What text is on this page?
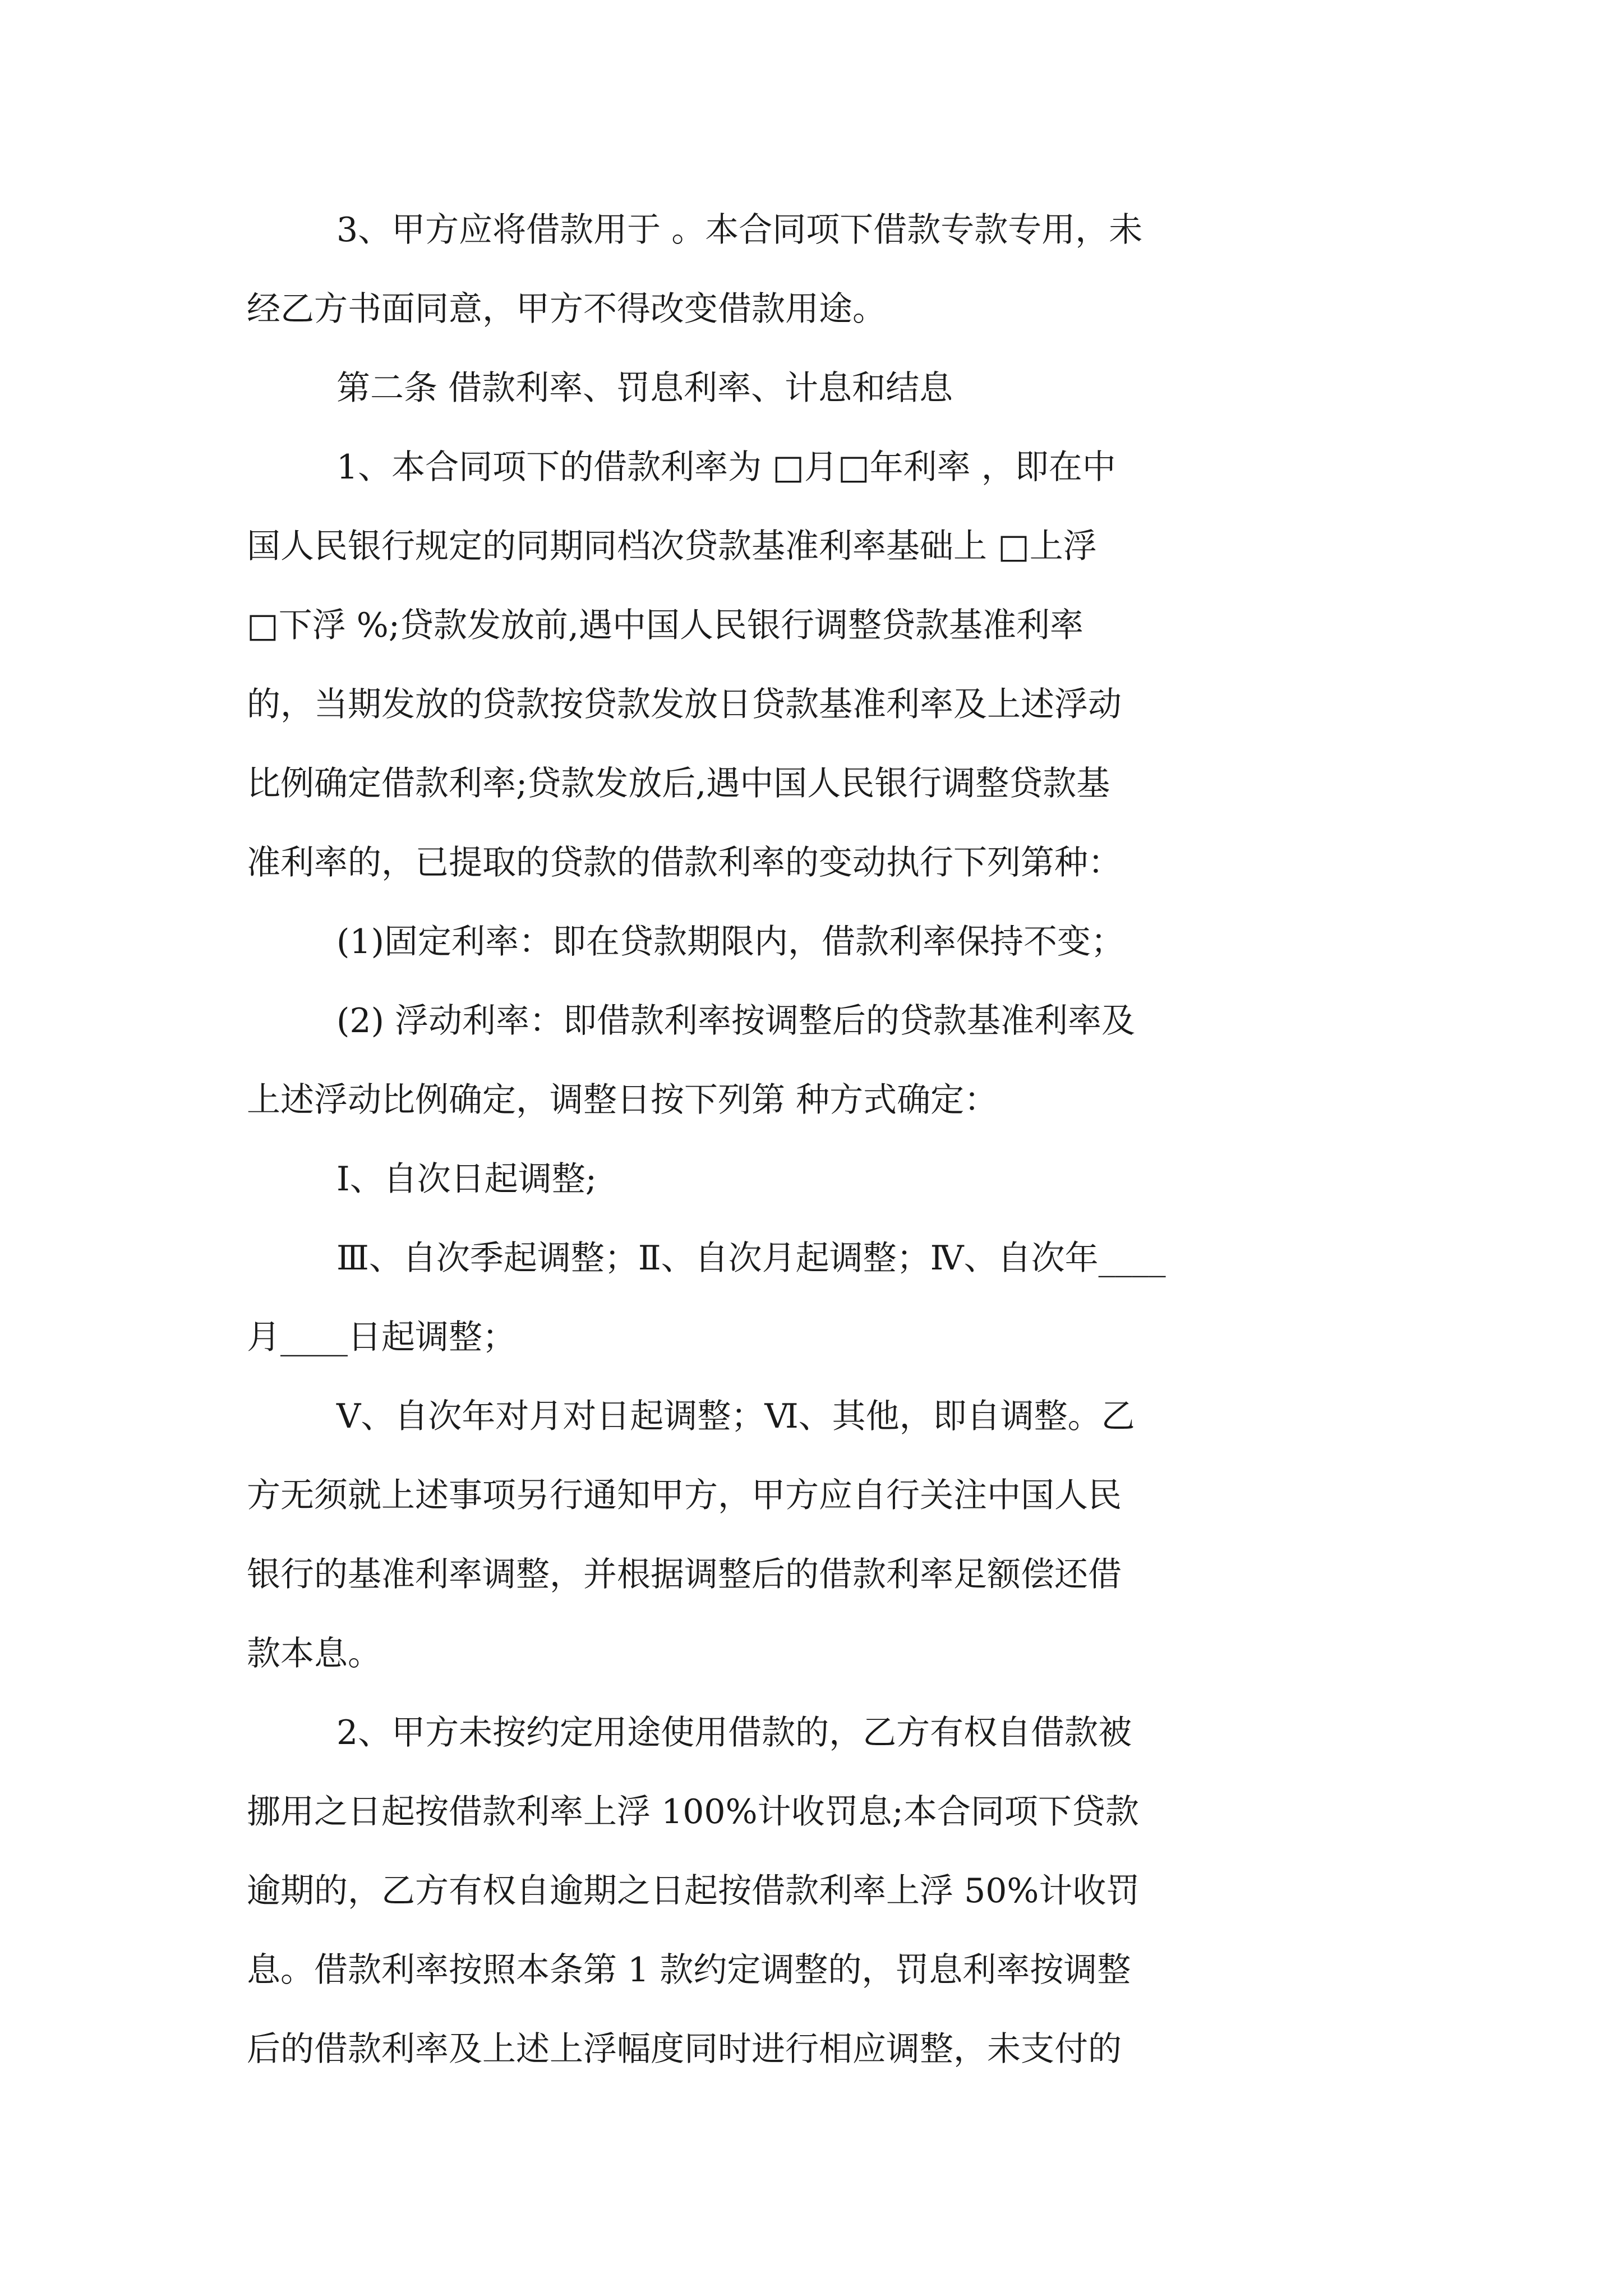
3、甲方应将借款用于 。本合同项下借款专款专用，未

经乙方书面同意，甲方不得改变借款用途。

第二条 借款利率、罚息利率、计息和结息

1、本合同项下的借款利率为 □月□年利率 ，即在中

国人民银行规定的同期同档次贷款基准利率基础上 □上浮

□下浮 %;贷款发放前,遇中国人民银行调整贷款基准利率

的，当期发放的贷款按贷款发放日贷款基准利率及上述浮动

比例确定借款利率;贷款发放后,遇中国人民银行调整贷款基

准利率的，已提取的贷款的借款利率的变动执行下列第种：

(1)固定利率：即在贷款期限内，借款利率保持不变；

(2) 浮动利率：即借款利率按调整后的贷款基准利率及

上述浮动比例确定，调整日按下列第 种方式确定：

Ⅰ、自次日起调整;

Ⅲ、自次季起调整；Ⅱ、自次月起调整；Ⅳ、自次年____

月____日起调整；

Ⅴ、自次年对月对日起调整；Ⅵ、其他，即自调整。乙

方无须就上述事项另行通知甲方，甲方应自行关注中国人民

银行的基准利率调整，并根据调整后的借款利率足额偿还借

款本息。

2、甲方未按约定用途使用借款的，乙方有权自借款被

挪用之日起按借款利率上浮 100%计收罚息;本合同项下贷款

逾期的，乙方有权自逾期之日起按借款利率上浮 50%计收罚

息。借款利率按照本条第 1 款约定调整的，罚息利率按调整

后的借款利率及上述上浮幅度同时进行相应调整，未支付的
